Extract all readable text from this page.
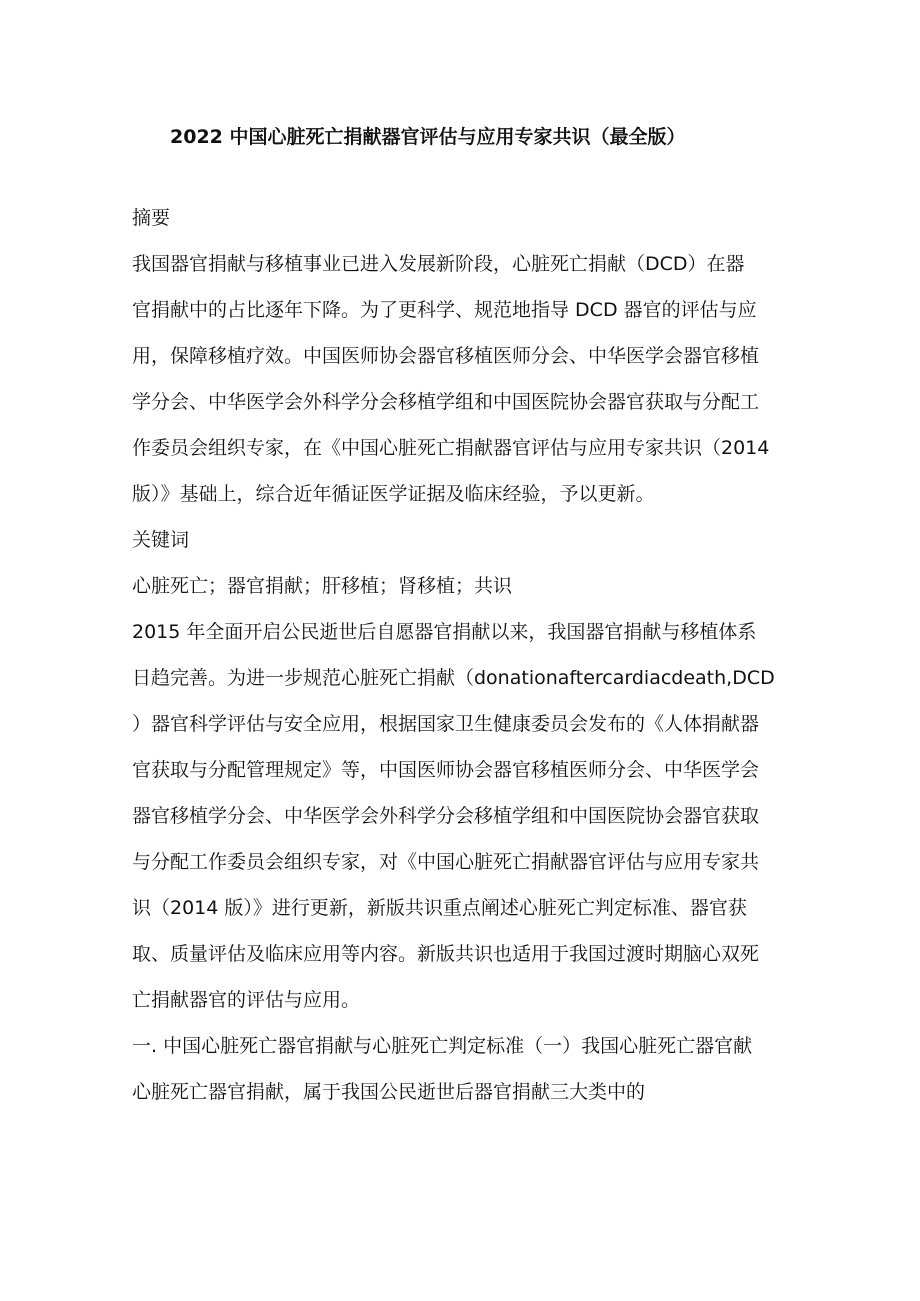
2022 中国心脏死亡捐献器官评估与应用专家共识（最全版）
摘要
我国器官捐献与移植事业已进入发展新阶段，心脏死亡捐献（DCD）在器
官捐献中的占比逐年下降。为了更科学、规范地指导 DCD 器官的评估与应
用，保障移植疗效。中国医师协会器官移植医师分会、中华医学会器官移植
学分会、中华医学会外科学分会移植学组和中国医院协会器官获取与分配工
作委员会组织专家，在《中国心脏死亡捐献器官评估与应用专家共识（2014
版）》基础上，综合近年循证医学证据及临床经验，予以更新。
关键词
心脏死亡；器官捐献；肝移植；肾移植；共识
2015 年全面开启公民逝世后自愿器官捐献以来，我国器官捐献与移植体系
日趋完善。为进一步规范心脏死亡捐献（donationaftercardiacdeath,DCD
）器官科学评估与安全应用，根据国家卫生健康委员会发布的《人体捐献器
官获取与分配管理规定》等，中国医师协会器官移植医师分会、中华医学会
器官移植学分会、中华医学会外科学分会移植学组和中国医院协会器官获取
与分配工作委员会组织专家，对《中国心脏死亡捐献器官评估与应用专家共
识（2014 版）》进行更新，新版共识重点阐述心脏死亡判定标准、器官获
取、质量评估及临床应用等内容。新版共识也适用于我国过渡时期脑心双死
亡捐献器官的评估与应用。
一. 中国心脏死亡器官捐献与心脏死亡判定标准（一）我国心脏死亡器官献
心脏死亡器官捐献，属于我国公民逝世后器官捐献三大类中的
